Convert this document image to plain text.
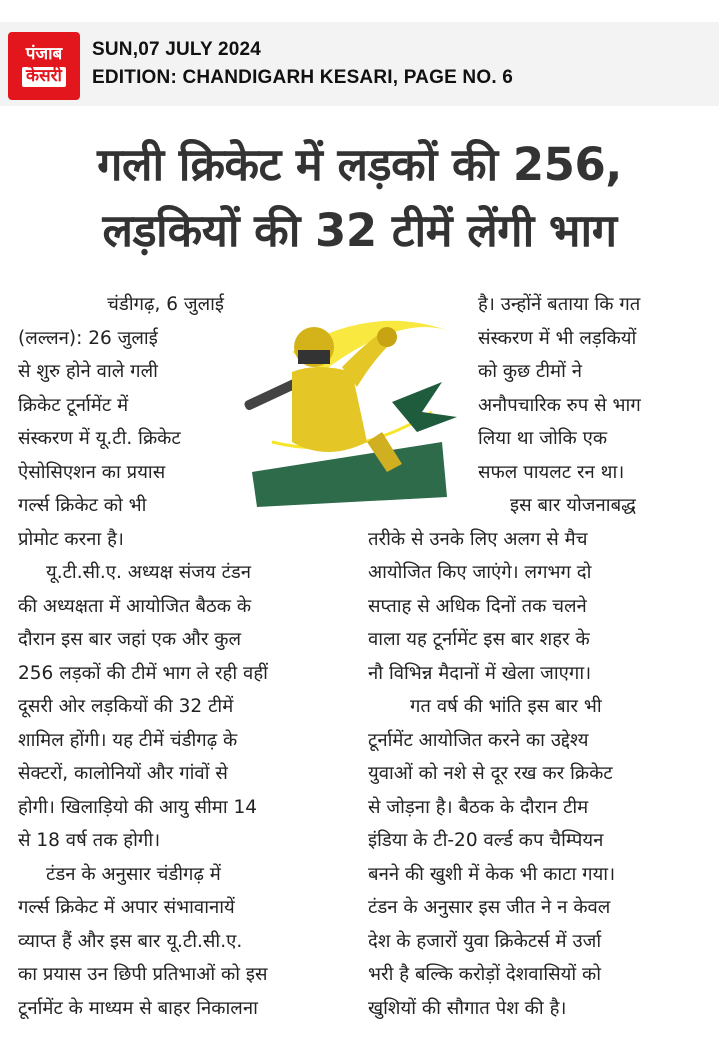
पंजाब
केसरी
SUN,07 JULY 2024
EDITION: CHANDIGARH KESARI, PAGE NO. 6
गली क्रिकेट में लड़कों की 256,
लड़कियों की 32 टीमें लेंगी भाग

चंडीगढ़, 6 जुलाई
(लल्लन): 26 जुलाई
से शुरु होने वाले गली
क्रिकेट टूर्नामेंट में
संस्करण में यू.टी. क्रिकेट
ऐसोसिएशन का प्रयास
गर्ल्स क्रिकेट को भी
प्रोमोट करना है।

यू.टी.सी.ए. अध्यक्ष संजय टंडन
की अध्यक्षता में आयोजित बैठक के
दौरान इस बार जहां एक और कुल
256 लड़कों की टीमें भाग ले रही वहीं
दूसरी ओर लड़कियों की 32 टीमें
शामिल होंगी। यह टीमें चंडीगढ़ के
सेक्टरों, कालोनियों और गांवों से
होगी। खिलाड़ियो की आयु सीमा 14
से 18 वर्ष तक होगी।

टंडन के अनुसार चंडीगढ़ में
गर्ल्स क्रिकेट में अपार संभावानायें
व्याप्त हैं और इस बार यू.टी.सी.ए.
का प्रयास उन छिपी प्रतिभाओं को इस
टूर्नामेंट के माध्यम से बाहर निकालना

है। उन्होंनें बताया कि गत
संस्करण में भी लड़कियों
को कुछ टीमों ने
अनौपचारिक रुप से भाग
लिया था जोकि एक
सफल पायलट रन था।

इस बार योजनाबद्ध
तरीके से उनके लिए अलग से मैच
आयोजित किए जाएंगे। लगभग दो
सप्ताह से अधिक दिनों तक चलने
वाला यह टूर्नामेंट इस बार शहर के
नौ विभिन्न मैदानों में खेला जाएगा।

गत वर्ष की भांति इस बार भी
टूर्नामेंट आयोजित करने का उद्देश्य
युवाओं को नशे से दूर रख कर क्रिकेट
से जोड़ना है। बैठक के दौरान टीम
इंडिया के टी-20 वर्ल्ड कप चैम्पियन
बनने की खुशी में केक भी काटा गया।
टंडन के अनुसार इस जीत ने न केवल
देश के हजारों युवा क्रिकेटर्स में उर्जा
भरी है बल्कि करोड़ों देशवासियों को
खुशियों की सौगात पेश की है।
